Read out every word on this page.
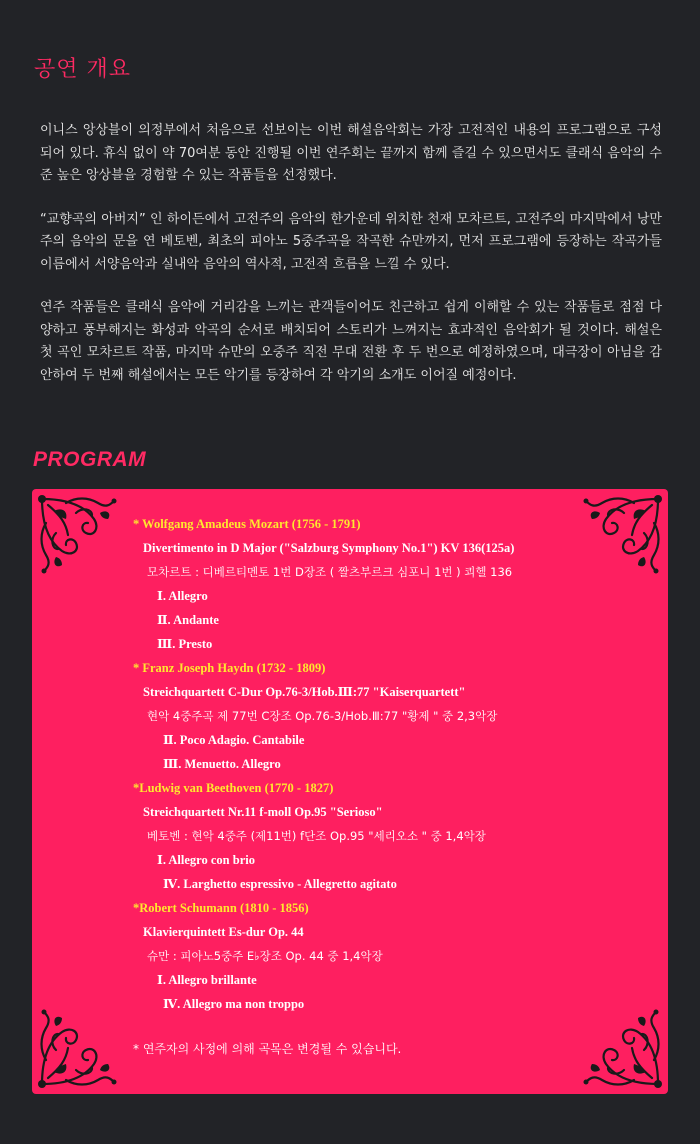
공연 개요

이니스 앙상블이 의정부에서 처음으로 선보이는 이번 해설음악회는 가장 고전적인 내용의 프로그램으로 구성되어 있다. 휴식 없이 약 70여분 동안 진행될 이번 연주회는 끝까지 함께 즐길 수 있으면서도 클래식 음악의 수준 높은 앙상블을 경험할 수 있는 작품들을 선정했다.

“교향곡의 아버지” 인 하이든에서 고전주의 음악의 한가운데 위치한 천재 모차르트, 고전주의 마지막에서 낭만주의 음악의 문을 연 베토벤, 최초의 피아노 5중주곡을 작곡한 슈만까지, 먼저 프로그램에 등장하는 작곡가들 이름에서 서양음악과 실내악 음악의 역사적, 고전적 흐름을 느낄 수 있다.

연주 작품들은 클래식 음악에 거리감을 느끼는 관객들이어도 친근하고 쉽게 이해할 수 있는 작품들로 점점 다양하고 풍부해지는 화성과 악곡의 순서로 배치되어 스토리가 느껴지는 효과적인 음악회가 될 것이다. 해설은 첫 곡인 모차르트 작품, 마지막 슈만의 오중주 직전 무대 전환 후 두 번으로 예정하였으며, 대극장이 아님을 감안하여 두 번째 해설에서는 모든 악기를 등장하여 각 악기의 소개도 이어질 예정이다.

PROGRAM
* Wolfgang Amadeus Mozart (1756 - 1791)
Divertimento in D Major ("Salzburg Symphony No.1") KV 136(125a)
모차르트 : 디베르티멘토 1번 D장조 ( 짤츠부르크 심포니 1번 ) 쾨헬 136
Ⅰ. Allegro
Ⅱ. Andante
Ⅲ. Presto
* Franz Joseph Haydn (1732 - 1809)
Streichquartett C-Dur Op.76-3/Hob.Ⅲ:77 "Kaiserquartett"
현악 4중주곡 제 77번 C장조 Op.76-3/Hob.Ⅲ:77 "황제 " 중 2,3악장
Ⅱ. Poco Adagio. Cantabile
Ⅲ. Menuetto. Allegro
*Ludwig van Beethoven (1770 - 1827)
Streichquartett Nr.11 f-moll Op.95 "Serioso"
베토벤 : 현악 4중주 (제11번) f단조 Op.95 "세리오소 " 중 1,4악장
Ⅰ. Allegro con brio
Ⅳ. Larghetto espressivo - Allegretto agitato
*Robert Schumann (1810 - 1856)
Klavierquintett Es-dur Op. 44
슈만 : 피아노5중주 E♭장조 Op. 44 중 1,4악장
Ⅰ. Allegro brillante
Ⅳ. Allegro ma non troppo
* 연주자의 사정에 의해 곡목은 변경될 수 있습니다.
